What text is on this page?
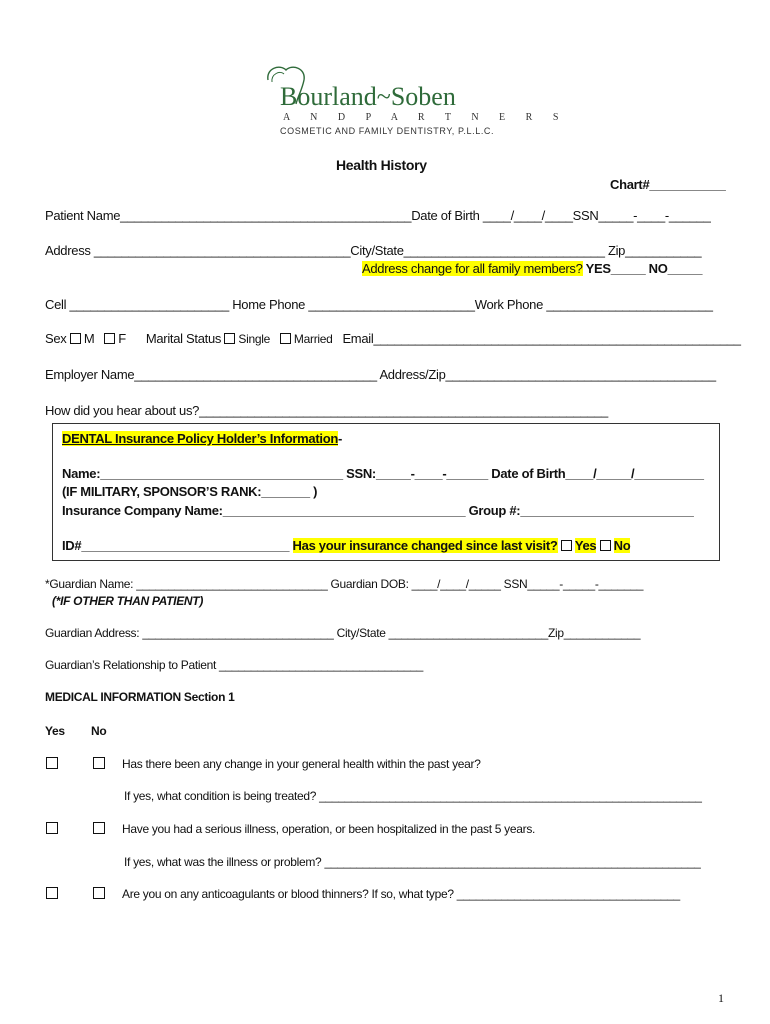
Bourland~Soben
A N D P A R T N E R S
COSMETIC AND FAMILY DENTISTRY, P.L.L.C.
Health History
Chart#___________
Patient Name__________________________________________Date of Birth ____/____/____SSN_____-____-______
Address _____________________________________City/State_____________________________ Zip___________
Address change for all family members? YES_____ NO_____
Cell _______________________ Home Phone ________________________Work Phone ________________________
Sex M F Marital Status Single Married Email_____________________________________________________
Employer Name___________________________________ Address/Zip_______________________________________
How did you hear about us?___________________________________________________________
DENTAL Insurance Policy Holder’s Information-
Name:___________________________________ SSN:_____-____-______ Date of Birth____/_____/__________
(IF MILITARY, SPONSOR’S RANK:_______ )
Insurance Company Name:___________________________________ Group #:_________________________
ID#______________________________ Has your insurance changed since last visit? Yes No
*Guardian Name: ______________________________ Guardian DOB: ____/____/_____ SSN_____-_____-_______
(*IF OTHER THAN PATIENT)
Guardian Address: ______________________________ City/State _________________________Zip____________
Guardian’s Relationship to Patient ________________________________
MEDICAL INFORMATION Section 1
Yes No
Has there been any change in your general health within the past year?
If yes, what condition is being treated? ____________________________________________________________
Have you had a serious illness, operation, or been hospitalized in the past 5 years.
If yes, what was the illness or problem? ___________________________________________________________
Are you on any anticoagulants or blood thinners? If so, what type? ___________________________________
1
